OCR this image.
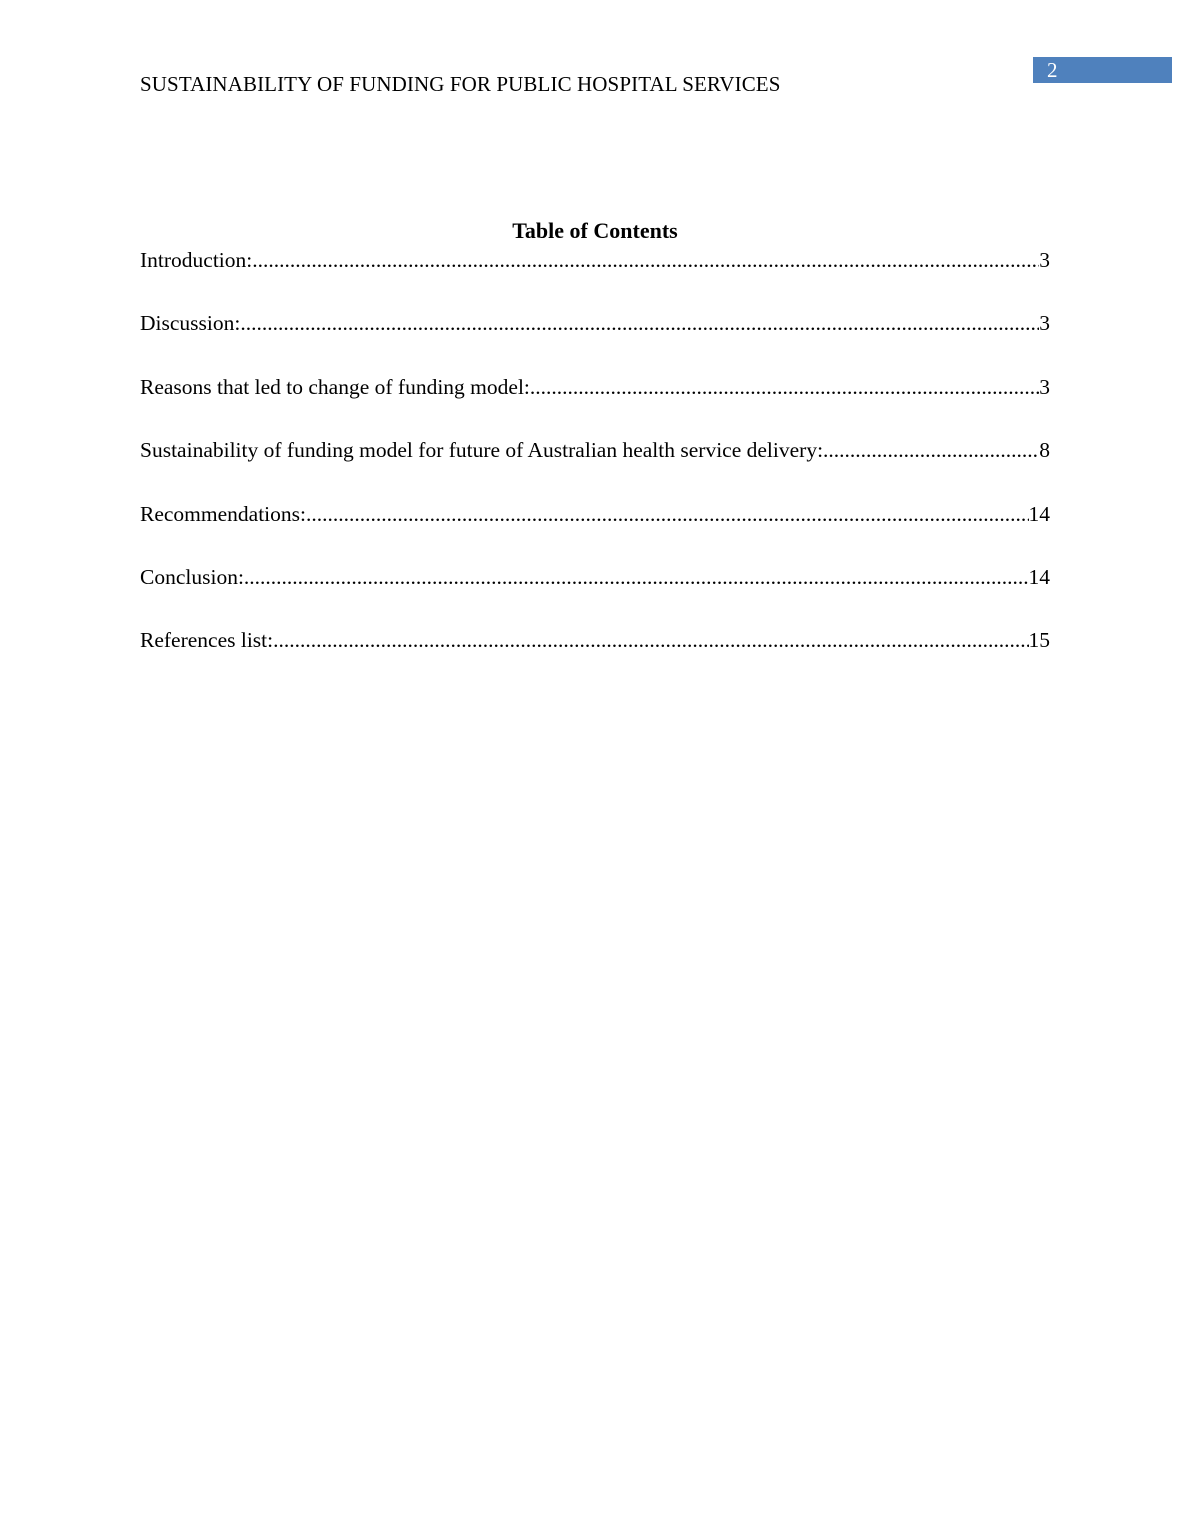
SUSTAINABILITY OF FUNDING FOR PUBLIC HOSPITAL SERVICES
2
Table of Contents
Introduction: .....	3
Discussion: .....	3
Reasons that led to change of funding model: .....	3
Sustainability of funding model for future of Australian health service delivery: .....	8
Recommendations: .....	14
Conclusion: .....	14
References list: .....	15
